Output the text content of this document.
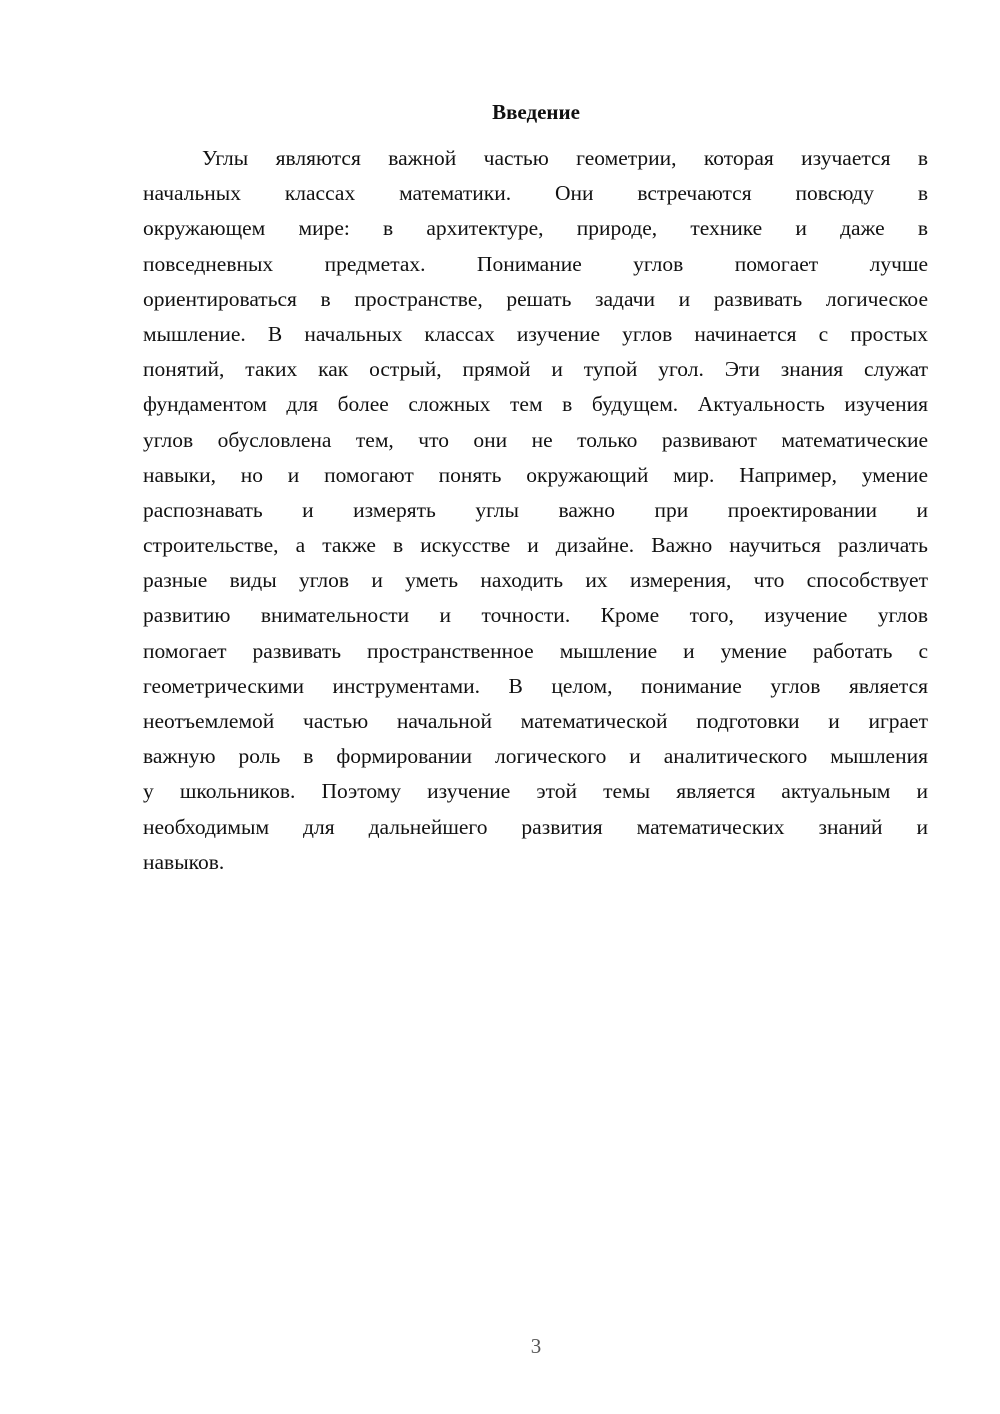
Введение
Углы являются важной частью геометрии, которая изучается в
начальных классах математики. Они встречаются повсюду в
окружающем мире: в архитектуре, природе, технике и даже в
повседневных предметах. Понимание углов помогает лучше
ориентироваться в пространстве, решать задачи и развивать логическое
мышление. В начальных классах изучение углов начинается с простых
понятий, таких как острый, прямой и тупой угол. Эти знания служат
фундаментом для более сложных тем в будущем. Актуальность изучения
углов обусловлена тем, что они не только развивают математические
навыки, но и помогают понять окружающий мир. Например, умение
распознавать и измерять углы важно при проектировании и
строительстве, а также в искусстве и дизайне. Важно научиться различать
разные виды углов и уметь находить их измерения, что способствует
развитию внимательности и точности. Кроме того, изучение углов
помогает развивать пространственное мышление и умение работать с
геометрическими инструментами. В целом, понимание углов является
неотъемлемой частью начальной математической подготовки и играет
важную роль в формировании логического и аналитического мышления
у школьников. Поэтому изучение этой темы является актуальным и
необходимым для дальнейшего развития математических знаний и
навыков.
3
